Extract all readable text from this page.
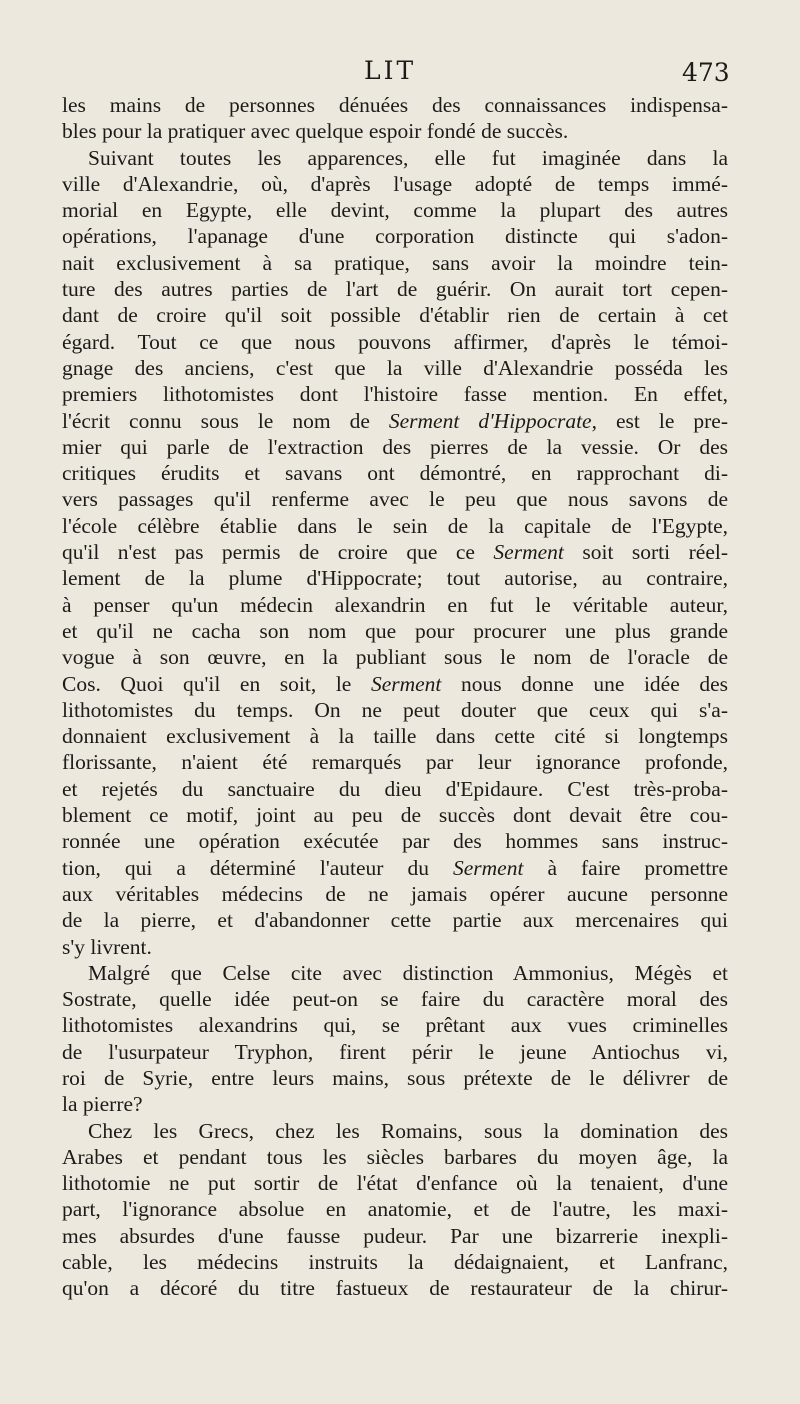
LIT	473
les mains de personnes dénuées des connaissances indispensa-
bles pour la pratiquer avec quelque espoir fondé de succès.
Suivant toutes les apparences, elle fut imaginée dans la
ville d'Alexandrie, où, d'après l'usage adopté de temps immé-
morial en Egypte, elle devint, comme la plupart des autres
opérations, l'apanage d'une corporation distincte qui s'adon-
nait exclusivement à sa pratique, sans avoir la moindre tein-
ture des autres parties de l'art de guérir. On aurait tort cepen-
dant de croire qu'il soit possible d'établir rien de certain à cet
égard. Tout ce que nous pouvons affirmer, d'après le témoi-
gnage des anciens, c'est que la ville d'Alexandrie posséda les
premiers lithotomistes dont l'histoire fasse mention. En effet,
l'écrit connu sous le nom de Serment d'Hippocrate, est le pre-
mier qui parle de l'extraction des pierres de la vessie. Or des
critiques érudits et savans ont démontré, en rapprochant di-
vers passages qu'il renferme avec le peu que nous savons de
l'école célèbre établie dans le sein de la capitale de l'Egypte,
qu'il n'est pas permis de croire que ce Serment soit sorti réel-
lement de la plume d'Hippocrate; tout autorise, au contraire,
à penser qu'un médecin alexandrin en fut le véritable auteur,
et qu'il ne cacha son nom que pour procurer une plus grande
vogue à son œuvre, en la publiant sous le nom de l'oracle de
Cos. Quoi qu'il en soit, le Serment nous donne une idée des
lithotomistes du temps. On ne peut douter que ceux qui s'a-
donnaient exclusivement à la taille dans cette cité si longtemps
florissante, n'aient été remarqués par leur ignorance profonde,
et rejetés du sanctuaire du dieu d'Epidaure. C'est très-proba-
blement ce motif, joint au peu de succès dont devait être cou-
ronnée une opération exécutée par des hommes sans instruc-
tion, qui a déterminé l'auteur du Serment à faire promettre
aux véritables médecins de ne jamais opérer aucune personne
de la pierre, et d'abandonner cette partie aux mercenaires qui
s'y livrent.
Malgré que Celse cite avec distinction Ammonius, Mégès et
Sostrate, quelle idée peut-on se faire du caractère moral des
lithotomistes alexandrins qui, se prêtant aux vues criminelles
de l'usurpateur Tryphon, firent périr le jeune Antiochus vi,
roi de Syrie, entre leurs mains, sous prétexte de le délivrer de
la pierre?
Chez les Grecs, chez les Romains, sous la domination des
Arabes et pendant tous les siècles barbares du moyen âge, la
lithotomie ne put sortir de l'état d'enfance où la tenaient, d'une
part, l'ignorance absolue en anatomie, et de l'autre, les maxi-
mes absurdes d'une fausse pudeur. Par une bizarrerie inexpli-
cable, les médecins instruits la dédaignaient, et Lanfranc,
qu'on a décoré du titre fastueux de restaurateur de la chirur-
